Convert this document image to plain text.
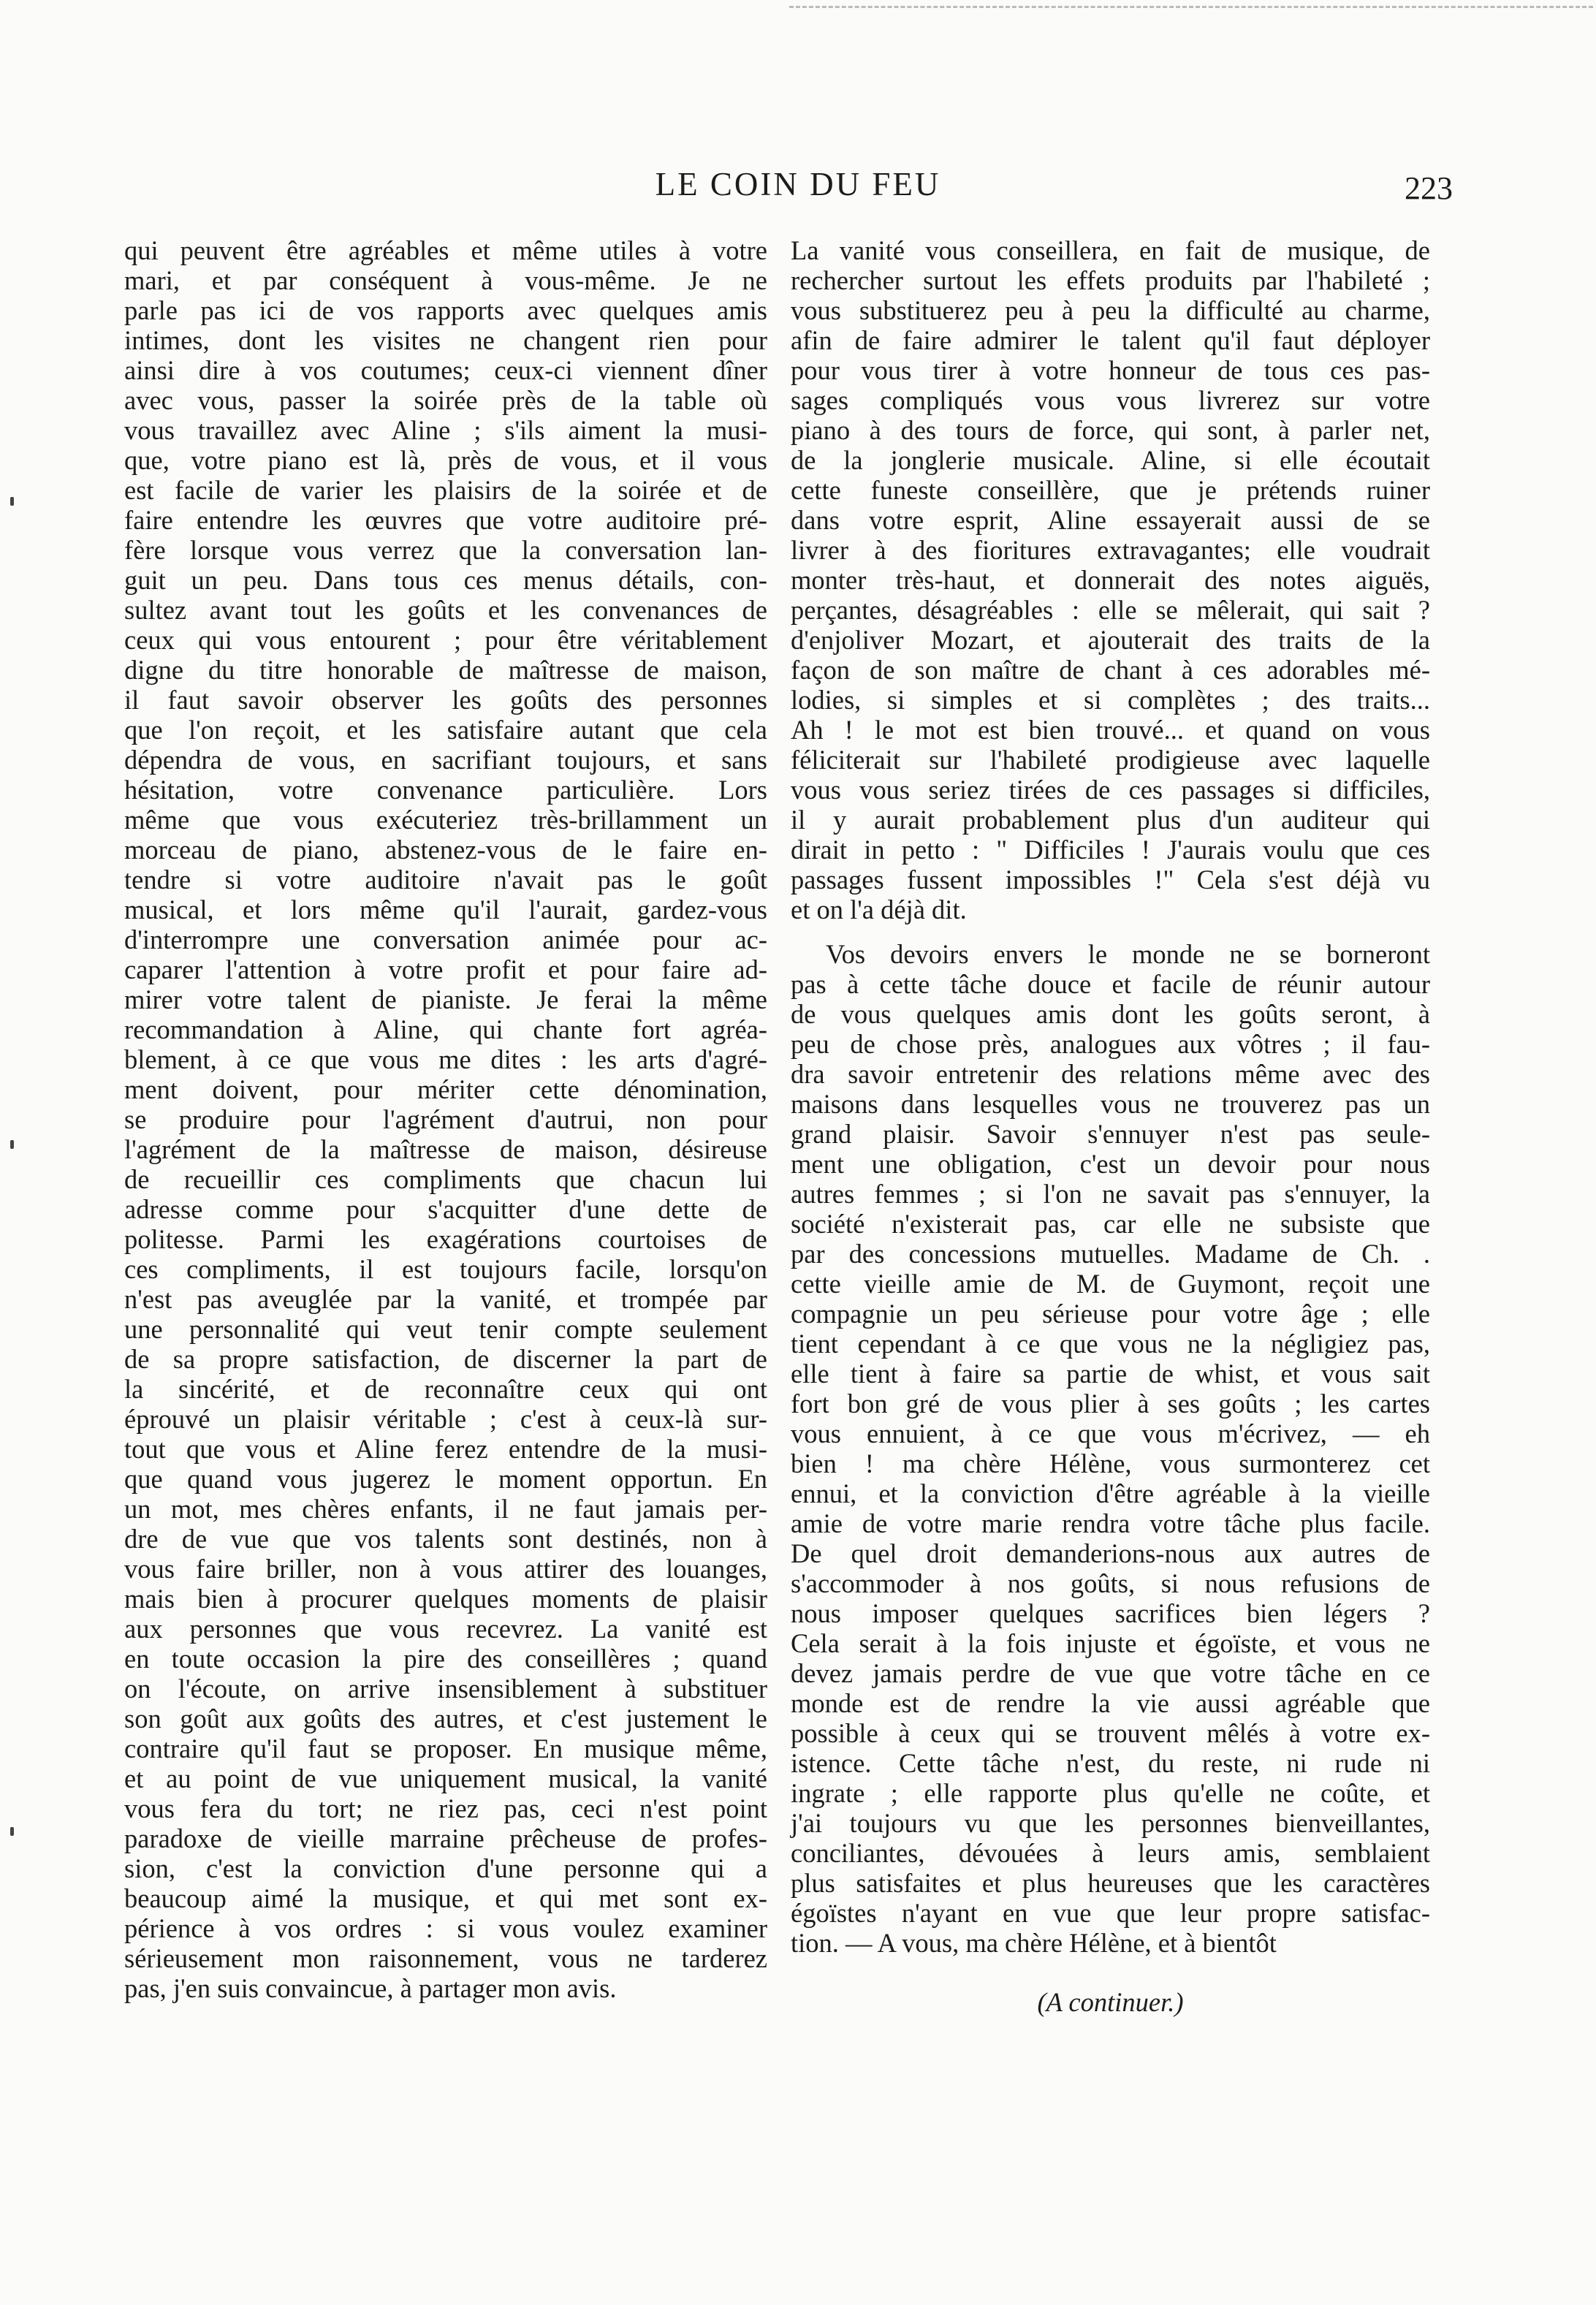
LE COIN DU FEU	223
qui peuvent être agréables et même utiles à votre
mari, et par conséquent à vous-même. Je ne
parle pas ici de vos rapports avec quelques amis
intimes, dont les visites ne changent rien pour
ainsi dire à vos coutumes; ceux-ci viennent dîner
avec vous, passer la soirée près de la table où
vous travaillez avec Aline ; s'ils aiment la musi-
que, votre piano est là, près de vous, et il vous
est facile de varier les plaisirs de la soirée et de
faire entendre les œuvres que votre auditoire pré-
fère lorsque vous verrez que la conversation lan-
guit un peu. Dans tous ces menus détails, con-
sultez avant tout les goûts et les convenances de
ceux qui vous entourent ; pour être véritablement
digne du titre honorable de maîtresse de maison,
il faut savoir observer les goûts des personnes
que l'on reçoit, et les satisfaire autant que cela
dépendra de vous, en sacrifiant toujours, et sans
hésitation, votre convenance particulière. Lors
même que vous exécuteriez très-brillamment un
morceau de piano, abstenez-vous de le faire en-
tendre si votre auditoire n'avait pas le goût
musical, et lors même qu'il l'aurait, gardez-vous
d'interrompre une conversation animée pour ac-
caparer l'attention à votre profit et pour faire ad-
mirer votre talent de pianiste. Je ferai la même
recommandation à Aline, qui chante fort agréa-
blement, à ce que vous me dites : les arts d'agré-
ment doivent, pour mériter cette dénomination,
se produire pour l'agrément d'autrui, non pour
l'agrément de la maîtresse de maison, désireuse
de recueillir ces compliments que chacun lui
adresse comme pour s'acquitter d'une dette de
politesse. Parmi les exagérations courtoises de
ces compliments, il est toujours facile, lorsqu'on
n'est pas aveuglée par la vanité, et trompée par
une personnalité qui veut tenir compte seulement
de sa propre satisfaction, de discerner la part de
la sincérité, et de reconnaître ceux qui ont
éprouvé un plaisir véritable ; c'est à ceux-là sur-
tout que vous et Aline ferez entendre de la musi-
que quand vous jugerez le moment opportun. En
un mot, mes chères enfants, il ne faut jamais per-
dre de vue que vos talents sont destinés, non à
vous faire briller, non à vous attirer des louanges,
mais bien à procurer quelques moments de plaisir
aux personnes que vous recevrez. La vanité est
en toute occasion la pire des conseillères ; quand
on l'écoute, on arrive insensiblement à substituer
son goût aux goûts des autres, et c'est justement le
contraire qu'il faut se proposer. En musique même,
et au point de vue uniquement musical, la vanité
vous fera du tort; ne riez pas, ceci n'est point
paradoxe de vieille marraine prêcheuse de profes-
sion, c'est la conviction d'une personne qui a
beaucoup aimé la musique, et qui met sont ex-
périence à vos ordres : si vous voulez examiner
sérieusement mon raisonnement, vous ne tarderez
pas, j'en suis convaincue, à partager mon avis.
La vanité vous conseillera, en fait de musique, de
rechercher surtout les effets produits par l'habileté ;
vous substituerez peu à peu la difficulté au charme,
afin de faire admirer le talent qu'il faut déployer
pour vous tirer à votre honneur de tous ces pas-
sages compliqués vous vous livrerez sur votre
piano à des tours de force, qui sont, à parler net,
de la jonglerie musicale. Aline, si elle écoutait
cette funeste conseillère, que je prétends ruiner
dans votre esprit, Aline essayerait aussi de se
livrer à des fioritures extravagantes; elle voudrait
monter très-haut, et donnerait des notes aiguës,
perçantes, désagréables : elle se mêlerait, qui sait ?
d'enjoliver Mozart, et ajouterait des traits de la
façon de son maître de chant à ces adorables mé-
lodies, si simples et si complètes ; des traits...
Ah ! le mot est bien trouvé... et quand on vous
féliciterait sur l'habileté prodigieuse avec laquelle
vous vous seriez tirées de ces passages si difficiles,
il y aurait probablement plus d'un auditeur qui
dirait in petto : " Difficiles ! J'aurais voulu que ces
passages fussent impossibles !" Cela s'est déjà vu
et on l'a déjà dit.
Vos devoirs envers le monde ne se borneront
pas à cette tâche douce et facile de réunir autour
de vous quelques amis dont les goûts seront, à
peu de chose près, analogues aux vôtres ; il fau-
dra savoir entretenir des relations même avec des
maisons dans lesquelles vous ne trouverez pas un
grand plaisir. Savoir s'ennuyer n'est pas seule-
ment une obligation, c'est un devoir pour nous
autres femmes ; si l'on ne savait pas s'ennuyer, la
société n'existerait pas, car elle ne subsiste que
par des concessions mutuelles. Madame de Ch. .
cette vieille amie de M. de Guymont, reçoit une
compagnie un peu sérieuse pour votre âge ; elle
tient cependant à ce que vous ne la négligiez pas,
elle tient à faire sa partie de whist, et vous sait
fort bon gré de vous plier à ses goûts ; les cartes
vous ennuient, à ce que vous m'écrivez, — eh
bien ! ma chère Hélène, vous surmonterez cet
ennui, et la conviction d'être agréable à la vieille
amie de votre marie rendra votre tâche plus facile.
De quel droit demanderions-nous aux autres de
s'accommoder à nos goûts, si nous refusions de
nous imposer quelques sacrifices bien légers ?
Cela serait à la fois injuste et égoïste, et vous ne
devez jamais perdre de vue que votre tâche en ce
monde est de rendre la vie aussi agréable que
possible à ceux qui se trouvent mêlés à votre ex-
istence. Cette tâche n'est, du reste, ni rude ni
ingrate ; elle rapporte plus qu'elle ne coûte, et
j'ai toujours vu que les personnes bienveillantes,
conciliantes, dévouées à leurs amis, semblaient
plus satisfaites et plus heureuses que les caractères
égoïstes n'ayant en vue que leur propre satisfac-
tion. — A vous, ma chère Hélène, et à bientôt
(A continuer.)
